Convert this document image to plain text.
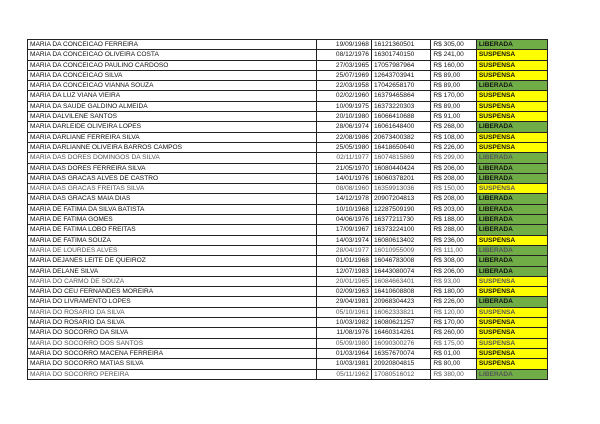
MARIA DA CONCEICAO FERREIRA	19/09/1968	16121360501	R$ 305,00	LIBERADA
MARIA DA CONCEICAO OLIVEIRA COSTA	08/12/1976	16301740150	R$ 241,00	SUSPENSA
MARIA DA CONCEICAO PAULINO CARDOSO	27/03/1965	17057987964	R$ 160,00	SUSPENSA
MARIA DA CONCEICAO SILVA	25/07/1969	12643703941	R$ 89,00	SUSPENSA
MARIA DA CONCEICAO VIANNA SOUZA	22/03/1958	17042658170	R$ 89,00	LIBERADA
MARIA DA LUZ VIANA VIEIRA	02/02/1960	16379465864	R$ 170,00	SUSPENSA
MARIA DA SAUDE GALDINO ALMEIDA	10/09/1975	16373220303	R$ 89,00	SUSPENSA
MARIA DALVILENE SANTOS	20/10/1980	16066410688	R$ 91,00	SUSPENSA
MARIA DARLEIDE OLIVEIRA LOPES	28/06/1974	16061648400	R$ 268,00	LIBERADA
MARIA DARLIANE FERREIRA SILVA	22/08/1986	20673400382	R$ 108,00	SUSPENSA
MARIA DARLIANNE OLIVEIRA BARROS CAMPOS	25/05/1980	16418650640	R$ 226,00	SUSPENSA
MARIA DAS DORES DOMINGOS DA SILVA	02/11/1977	16074815869	R$ 299,00	LIBERADA
MARIA DAS DORES FERREIRA SILVA	21/05/1970	16080440424	R$ 206,00	LIBERADA
MARIA DAS GRACAS ALVES DE CASTRO	14/01/1976	16060378201	R$ 208,00	LIBERADA
MARIA DAS GRACAS FREITAS SILVA	08/08/1960	16359913036	R$ 150,00	SUSPENSA
MARIA DAS GRACAS MAIA DIAS	14/12/1978	20907204813	R$ 208,00	LIBERADA
MARIA DE FATIMA DA SILVA BATISTA	10/10/1968	12287509190	R$ 203,00	LIBERADA
MARIA DE FATIMA GOMES	04/06/1976	16377211730	R$ 188,00	LIBERADA
MARIA DE FATIMA LOBO FREITAS	17/09/1967	16373224100	R$ 288,00	LIBERADA
MARIA DE FATIMA SOUZA	14/03/1974	16080613402	R$ 236,00	SUSPENSA
MARIA DE LOURDES ALVES	28/04/1977	16010955009	R$ 111,00	LIBERADA
MARIA DEJANES LEITE DE QUEIROZ	01/01/1968	16046783008	R$ 308,00	LIBERADA
MARIA DELANE SILVA	12/07/1983	16443080074	R$ 206,00	LIBERADA
MARIA DO CARMO DE SOUZA	20/01/1965	16084663401	R$ 93,00	SUSPENSA
MARIA DO CEU FERNANDES MOREIRA	02/09/1963	16410608808	R$ 180,00	SUSPENSA
MARIA DO LIVRAMENTO LOPES	29/04/1981	20968304423	R$ 226,00	LIBERADA
MARIA DO ROSARIO DA SILVA	05/10/1961	16062333821	R$ 120,00	SUSPENSA
MARIA DO ROSARIO DA SILVA	10/03/1982	16080621257	R$ 170,00	SUSPENSA
MARIA DO SOCORRO DA SILVA	11/08/1976	16460314261	R$ 260,00	SUSPENSA
MARIA DO SOCORRO DOS SANTOS	05/09/1980	16090300276	R$ 175,00	SUSPENSA
MARIA DO SOCORRO MACENA FERREIRA	01/03/1964	16357670074	R$ 01,00	SUSPENSA
MARIA DO SOCORRO MATIAS SILVA	10/03/1981	20920804815	R$ 80,00	SUSPENSA
MARIA DO SOCORRO PEREIRA	05/11/1962	17080516012	R$ 380,00	LIBERADA
